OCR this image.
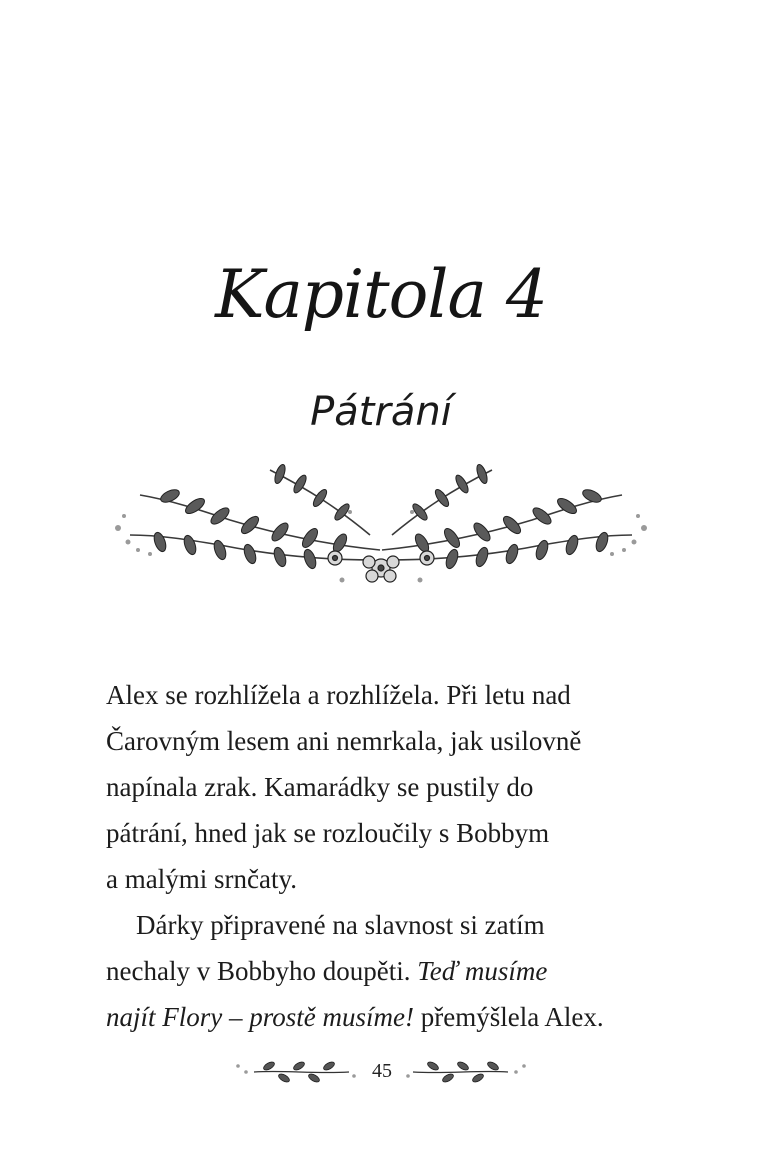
Kapitola 4
Pátrání
Alex se rozhlížela a rozhlížela. Při letu nad
Čarovným lesem ani nemrkala, jak usilovně
napínala zrak. Kamarádky se pustily do
pátrání, hned jak se rozloučily s Bobbym
a malými srnčaty.
Dárky připravené na slavnost si zatím
nechaly v Bobbyho doupěti. Teď musíme
najít Flory – prostě musíme! přemýšlela Alex.
45
